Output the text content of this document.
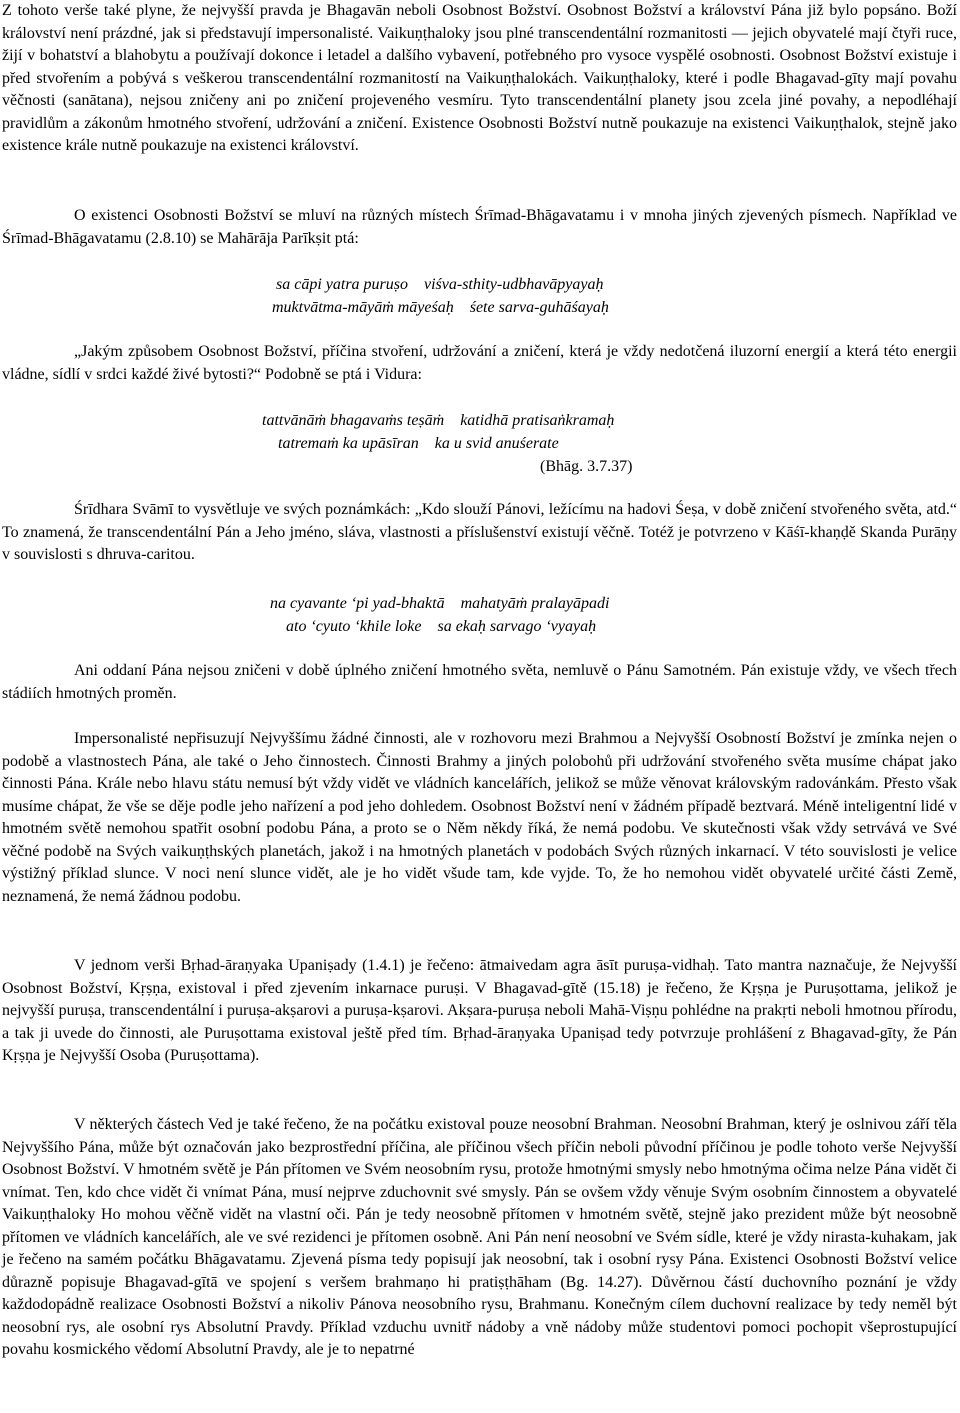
Z tohoto verše také plyne, že nejvyšší pravda je Bhagavān neboli Osobnost Božství. Osobnost Božství a království Pána již bylo popsáno. Boží království není prázdné, jak si představují impersonalisté. Vaikuṇṭhaloky jsou plné transcendentální rozmanitosti — jejich obyvatelé mají čtyři ruce, žijí v bohatství a blahobytu a používají dokonce i letadel a dalšího vybavení, potřebného pro vysoce vyspělé osobnosti. Osobnost Božství existuje i před stvořením a pobývá s veškerou transcendentální rozmanitostí na Vaikuṇṭhalokách. Vaikuṇṭhaloky, které i podle Bhagavad-gīty mají povahu věčnosti (sanātana), nejsou zničeny ani po zničení projeveného vesmíru. Tyto transcendentální planety jsou zcela jiné povahy, a nepodléhají pravidlům a zákonům hmotného stvoření, udržování a zničení. Existence Osobnosti Božství nutně poukazuje na existenci Vaikuṇṭhalok, stejně jako existence krále nutně poukazuje na existenci království.

O existenci Osobnosti Božství se mluví na různých místech Śrīmad-Bhāgavatamu i v mnoha jiných zjevených písmech. Například ve Śrīmad-Bhāgavatamu (2.8.10) se Mahārāja Parīkṣit ptá:

sa cāpi yatra puruṣo    viśva-sthity-udbhavāpyayaḥ
muktvātma-māyāṁ māyeśaḥ    śete sarva-guhāśayaḥ

„Jakým způsobem Osobnost Božství, příčina stvoření, udržování a zničení, která je vždy nedotčená iluzorní energií a která této energii vládne, sídlí v srdci každé živé bytosti?“ Podobně se ptá i Vidura:

tattvānāṁ bhagavaṁs teṣāṁ    katidhā pratisaṅkramaḥ
tatremaṁ ka upāsīran    ka u svid anuśerate
(Bhāg. 3.7.37)

Śrīdhara Svāmī to vysvětluje ve svých poznámkách: „Kdo slouží Pánovi, ležícímu na hadovi Śeṣa, v době zničení stvořeného světa, atd.“ To znamená, že transcendentální Pán a Jeho jméno, sláva, vlastnosti a příslušenství existují věčně. Totéž je potvrzeno v Kāśī-khaṇḍě Skanda Purāṇy v souvislosti s dhruva-caritou.

na cyavante ‘pi yad-bhaktā    mahatyāṁ pralayāpadi
ato ‘cyuto ‘khile loke    sa ekaḥ sarvago ‘vyayaḥ

Ani oddaní Pána nejsou zničeni v době úplného zničení hmotného světa, nemluvě o Pánu Samotném. Pán existuje vždy, ve všech třech stádiích hmotných proměn.

Impersonalisté nepřisuzují Nejvyššímu žádné činnosti, ale v rozhovoru mezi Brahmou a Nejvyšší Osobností Božství je zmínka nejen o podobě a vlastnostech Pána, ale také o Jeho činnostech. Činnosti Brahmy a jiných polobohů při udržování stvořeného světa musíme chápat jako činnosti Pána. Krále nebo hlavu státu nemusí být vždy vidět ve vládních kancelářích, jelikož se může věnovat královským radovánkám. Přesto však musíme chápat, že vše se děje podle jeho nařízení a pod jeho dohledem. Osobnost Božství není v žádném případě beztvará. Méně inteligentní lidé v hmotném světě nemohou spatřit osobní podobu Pána, a proto se o Něm někdy říká, že nemá podobu. Ve skutečnosti však vždy setrvává ve Své věčné podobě na Svých vaikuṇṭhských planetách, jakož i na hmotných planetách v podobách Svých různých inkarnací. V této souvislosti je velice výstižný příklad slunce. V noci není slunce vidět, ale je ho vidět všude tam, kde vyjde. To, že ho nemohou vidět obyvatelé určité části Země, neznamená, že nemá žádnou podobu.

V jednom verši Bṛhad-āraṇyaka Upaniṣady (1.4.1) je řečeno: ātmaivedam agra āsīt puruṣa-vidhaḥ. Tato mantra naznačuje, že Nejvyšší Osobnost Božství, Kṛṣṇa, existoval i před zjevením inkarnace puruṣi. V Bhagavad-gītě (15.18) je řečeno, že Kṛṣṇa je Puruṣottama, jelikož je nejvyšší puruṣa, transcendentální i puruṣa-akṣarovi a puruṣa-kṣarovi. Akṣara-puruṣa neboli Mahā-Viṣṇu pohlédne na prakṛti neboli hmotnou přírodu, a tak ji uvede do činnosti, ale Puruṣottama existoval ještě před tím. Bṛhad-āraṇyaka Upaniṣad tedy potvrzuje prohlášení z Bhagavad-gīty, že Pán Kṛṣṇa je Nejvyšší Osoba (Puruṣottama).

V některých částech Ved je také řečeno, že na počátku existoval pouze neosobní Brahman. Neosobní Brahman, který je oslnivou září těla Nejvyššího Pána, může být označován jako bezprostřední příčina, ale příčinou všech příčin neboli původní příčinou je podle tohoto verše Nejvyšší Osobnost Božství. V hmotném světě je Pán přítomen ve Svém neosobním rysu, protože hmotnými smysly nebo hmotnýma očima nelze Pána vidět či vnímat. Ten, kdo chce vidět či vnímat Pána, musí nejprve zduchovnit své smysly. Pán se ovšem vždy věnuje Svým osobním činnostem a obyvatelé Vaikuṇṭhaloky Ho mohou věčně vidět na vlastní oči. Pán je tedy neosobně přítomen v hmotném světě, stejně jako prezident může být neosobně přítomen ve vládních kancelářích, ale ve své rezidenci je přítomen osobně. Ani Pán není neosobní ve Svém sídle, které je vždy nirasta-kuhakam, jak je řečeno na samém počátku Bhāgavatamu. Zjevená písma tedy popisují jak neosobní, tak i osobní rysy Pána. Existenci Osobnosti Božství velice důrazně popisuje Bhagavad-gītā ve spojení s veršem brahmaṇo hi pratiṣṭhāham (Bg. 14.27). Důvěrnou částí duchovního poznání je vždy každodopádně realizace Osobnosti Božství a nikoliv Pánova neosobního rysu, Brahmanu. Konečným cílem duchovní realizace by tedy neměl být neosobní rys, ale osobní rys Absolutní Pravdy. Příklad vzduchu uvnitř nádoby a vně nádoby může studentovi pomoci pochopit všeprostupující povahu kosmického vědomí Absolutní Pravdy, ale je to nepatrné
